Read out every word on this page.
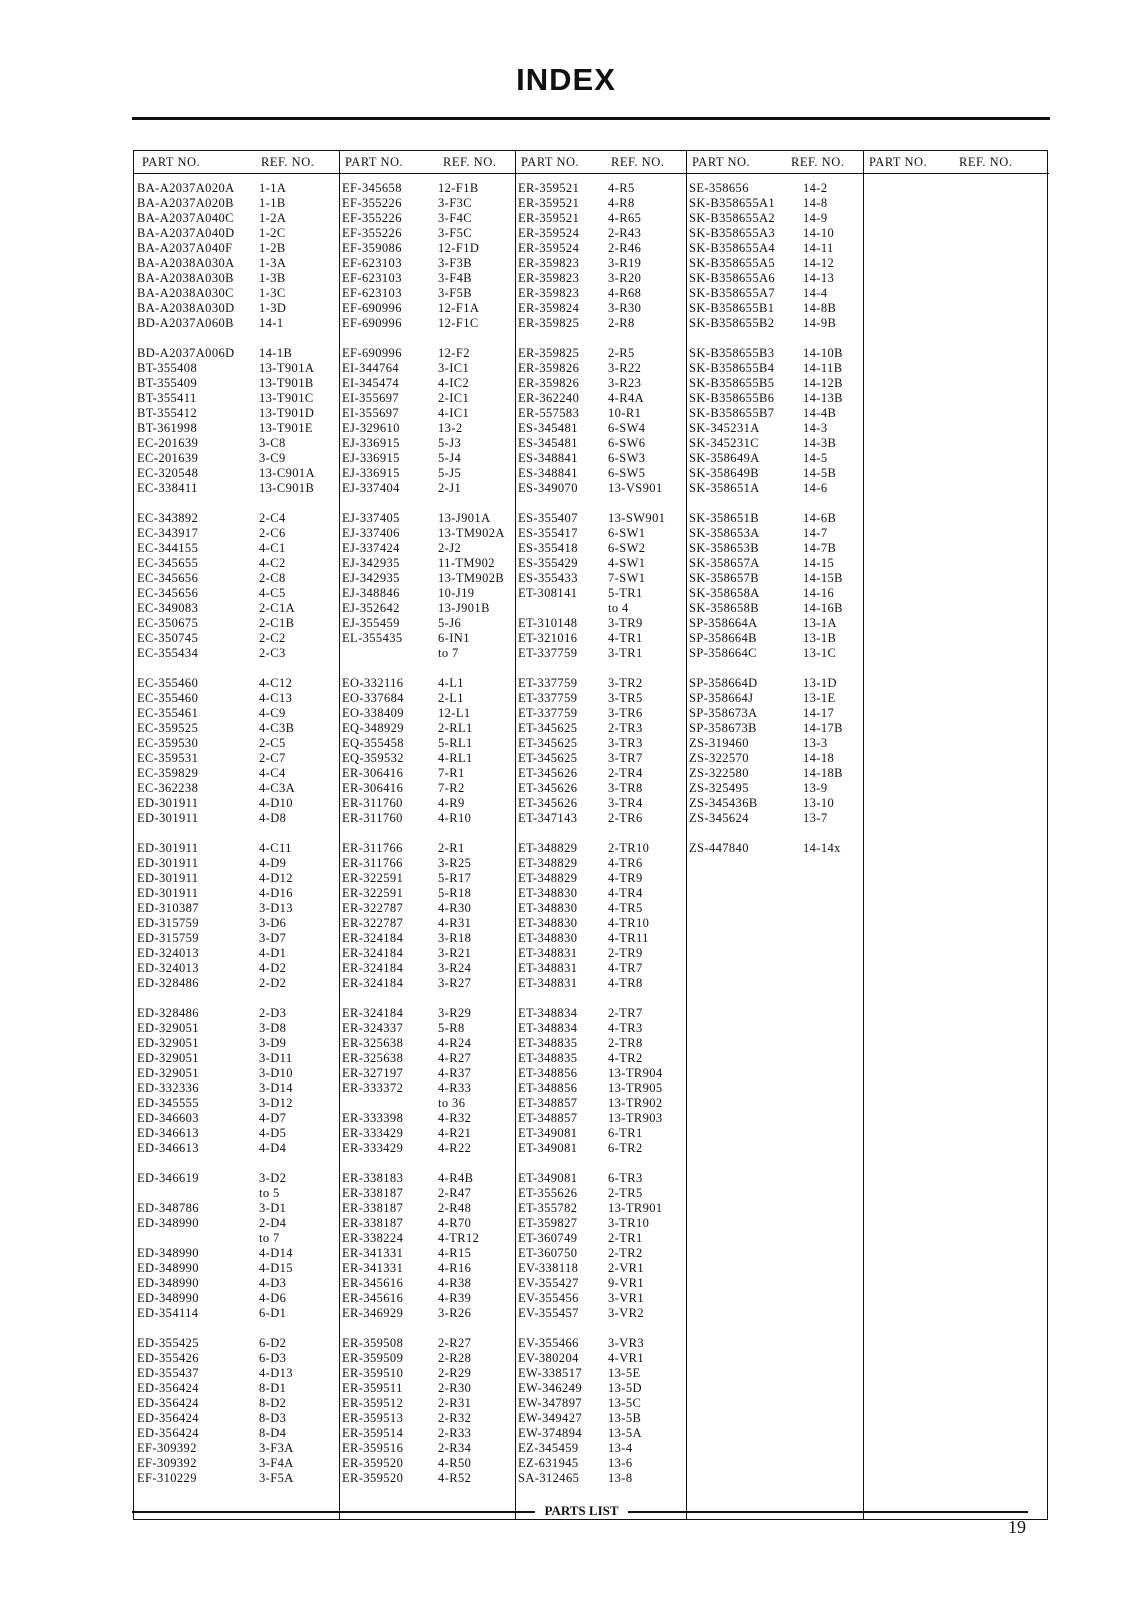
INDEX
PART NO.	REF. NO. PART NO.	REF. NO. PART NO.	REF. NO. PART NO.	REF. NO. PART NO.	REF. NO.
BA-A2037A020A 1-1A
BA-A2037A020B 1-1B
BA-A2037A040C 1-2A
BA-A2037A040D 1-2C
BA-A2037A040F 1-2B
BA-A2038A030A 1-3A
BA-A2038A030B 1-3B
BA-A2038A030C 1-3C
BA-A2038A030D 1-3D
BD-A2037A060B 14-1
BD-A2037A006D 14-1B
BT-355408	13-T901A
BT-355409	13-T901B
BT-355411	13-T901C
BT-355412	13-T901D
BT-361998	13-T901E
EC-201639	3-C8
EC-201639	3-C9
EC-320548	13-C901A
EC-338411	13-C901B
EC-343892	2-C4
EC-343917	2-C6
EC-344155	4-C1
EC-345655	4-C2
EC-345656	2-C8
EC-345656	4-C5
EC-349083	2-C1A
EC-350675	2-C1B
EC-350745	2-C2
EC-355434	2-C3
EC-355460	4-C12
EC-355460	4-C13
EC-355461	4-C9
EC-359525	4-C3B
EC-359530	2-C5
EC-359531	2-C7
EC-359829	4-C4
EC-362238	4-C3A
ED-301911	4-D10
ED-301911	4-D8
ED-301911	4-C11
ED-301911	4-D9
ED-301911	4-D12
ED-301911	4-D16
ED-310387	3-D13
ED-315759	3-D6
ED-315759	3-D7
ED-324013	4-D1
ED-324013	4-D2
ED-328486	2-D2
ED-328486	2-D3
ED-329051	3-D8
ED-329051	3-D9
ED-329051	3-D11
ED-329051	3-D10
ED-332336	3-D14
ED-345555	3-D12
ED-346603	4-D7
ED-346613	4-D5
ED-346613	4-D4
ED-346619	3-D2
to 5
ED-348786	3-D1
ED-348990	2-D4
to 7
ED-348990	4-D14
ED-348990	4-D15
ED-348990	4-D3
ED-348990	4-D6
ED-354114	6-D1
ED-355425	6-D2
ED-355426	6-D3
ED-355437	4-D13
ED-356424	8-D1
ED-356424	8-D2
ED-356424	8-D3
ED-356424	8-D4
EF-309392	3-F3A
EF-309392	3-F4A
EF-310229	3-F5A
EF-345658	12-F1B
EF-355226	3-F3C
EF-355226	3-F4C
EF-355226	3-F5C
EF-359086	12-F1D
EF-623103	3-F3B
EF-623103	3-F4B
EF-623103	3-F5B
EF-690996	12-F1A
EF-690996	12-F1C
EF-690996	12-F2
EI-344764	3-IC1
EI-345474	4-IC2
EI-355697	2-IC1
EI-355697	4-IC1
EJ-329610	13-2
EJ-336915	5-J3
EJ-336915	5-J4
EJ-336915	5-J5
EJ-337404	2-J1
EJ-337405	13-J901A
EJ-337406	13-TM902A
EJ-337424	2-J2
EJ-342935	11-TM902
EJ-342935	13-TM902B
EJ-348846	10-J19
EJ-352642	13-J901B
EJ-355459	5-J6
EL-355435	6-IN1
to 7
EO-332116	4-L1
EO-337684	2-L1
EO-338409	12-L1
EQ-348929	2-RL1
EQ-355458	5-RL1
EQ-359532	4-RL1
ER-306416	7-R1
ER-306416	7-R2
ER-311760	4-R9
ER-311760	4-R10
ER-311766	2-R1
ER-311766	3-R25
ER-322591	5-R17
ER-322591	5-R18
ER-322787	4-R30
ER-322787	4-R31
ER-324184	3-R18
ER-324184	3-R21
ER-324184	3-R24
ER-324184	3-R27
ER-324184	3-R29
ER-324337	5-R8
ER-325638	4-R24
ER-325638	4-R27
ER-327197	4-R37
ER-333372	4-R33
to 36
ER-333398	4-R32
ER-333429	4-R21
ER-333429	4-R22
ER-338183	4-R4B
ER-338187	2-R47
ER-338187	2-R48
ER-338187	4-R70
ER-338224	4-TR12
ER-341331	4-R15
ER-341331	4-R16
ER-345616	4-R38
ER-345616	4-R39
ER-346929	3-R26
ER-359508	2-R27
ER-359509	2-R28
ER-359510	2-R29
ER-359511	2-R30
ER-359512	2-R31
ER-359513	2-R32
ER-359514	2-R33
ER-359516	2-R34
ER-359520	4-R50
ER-359520	4-R52
ER-359521 4-R5
ER-359521 4-R8
ER-359521 4-R65
ER-359524 2-R43
ER-359524 2-R46
ER-359823 3-R19
ER-359823 3-R20
ER-359823 4-R68
ER-359824 3-R30
ER-359825 2-R8
ER-359825 2-R5
ER-359826 3-R22
ER-359826 3-R23
ER-362240 4-R4A
ER-557583 10-R1
ES-345481 6-SW4
ES-345481 6-SW6
ES-348841 6-SW3
ES-348841 6-SW5
ES-349070 13-VS901
ES-355407 13-SW901
ES-355417 6-SW1
ES-355418 6-SW2
ES-355429 4-SW1
ES-355433 7-SW1
ET-308141 5-TR1
to 4
ET-310148 3-TR9
ET-321016 4-TR1
ET-337759 3-TR1
ET-337759 3-TR2
ET-337759 3-TR5
ET-337759 3-TR6
ET-345625 2-TR3
ET-345625 3-TR3
ET-345625 3-TR7
ET-345626 2-TR4
ET-345626 3-TR8
ET-345626 3-TR4
ET-347143 2-TR6
ET-348829 2-TR10
ET-348829 4-TR6
ET-348829 4-TR9
ET-348830 4-TR4
ET-348830 4-TR5
ET-348830 4-TR10
ET-348830 4-TR11
ET-348831 2-TR9
ET-348831 4-TR7
ET-348831 4-TR8
ET-348834 2-TR7
ET-348834 4-TR3
ET-348835 2-TR8
ET-348835 4-TR2
ET-348856 13-TR904
ET-348856 13-TR905
ET-348857 13-TR902
ET-348857 13-TR903
ET-349081 6-TR1
ET-349081 6-TR2
ET-349081 6-TR3
ET-355626 2-TR5
ET-355782 13-TR901
ET-359827 3-TR10
ET-360749 2-TR1
ET-360750 2-TR2
EV-338118 2-VR1
EV-355427 9-VR1
EV-355456 3-VR1
EV-355457 3-VR2
EV-355466 3-VR3
EV-380204 4-VR1
EW-338517 13-5E
EW-346249 13-5D
EW-347897 13-5C
EW-349427 13-5B
EW-374894 13-5A
EZ-345459 13-4
EZ-631945 13-6
SA-312465 13-8
SE-358656	14-2
SK-B358655A1 14-8
SK-B358655A2 14-9
SK-B358655A3 14-10
SK-B358655A4 14-11
SK-B358655A5 14-12
SK-B358655A6 14-13
SK-B358655A7 14-4
SK-B358655B1 14-8B
SK-B358655B2 14-9B
SK-B358655B3 14-10B
SK-B358655B4 14-11B
SK-B358655B5 14-12B
SK-B358655B6 14-13B
SK-B358655B7 14-4B
SK-345231A	14-3
SK-345231C	14-3B
SK-358649A	14-5
SK-358649B	14-5B
SK-358651A	14-6
SK-358651B	14-6B
SK-358653A	14-7
SK-358653B	14-7B
SK-358657A	14-15
SK-358657B	14-15B
SK-358658A	14-16
SK-358658B	14-16B
SP-358664A	13-1A
SP-358664B	13-1B
SP-358664C	13-1C
SP-358664D	13-1D
SP-358664J	13-1E
SP-358673A	14-17
SP-358673B	14-17B
ZS-319460	13-3
ZS-322570	14-18
ZS-322580	14-18B
ZS-325495	13-9
ZS-345436B	13-10
ZS-345624	13-7
ZS-447840	14-14x
PARTS LIST
19
